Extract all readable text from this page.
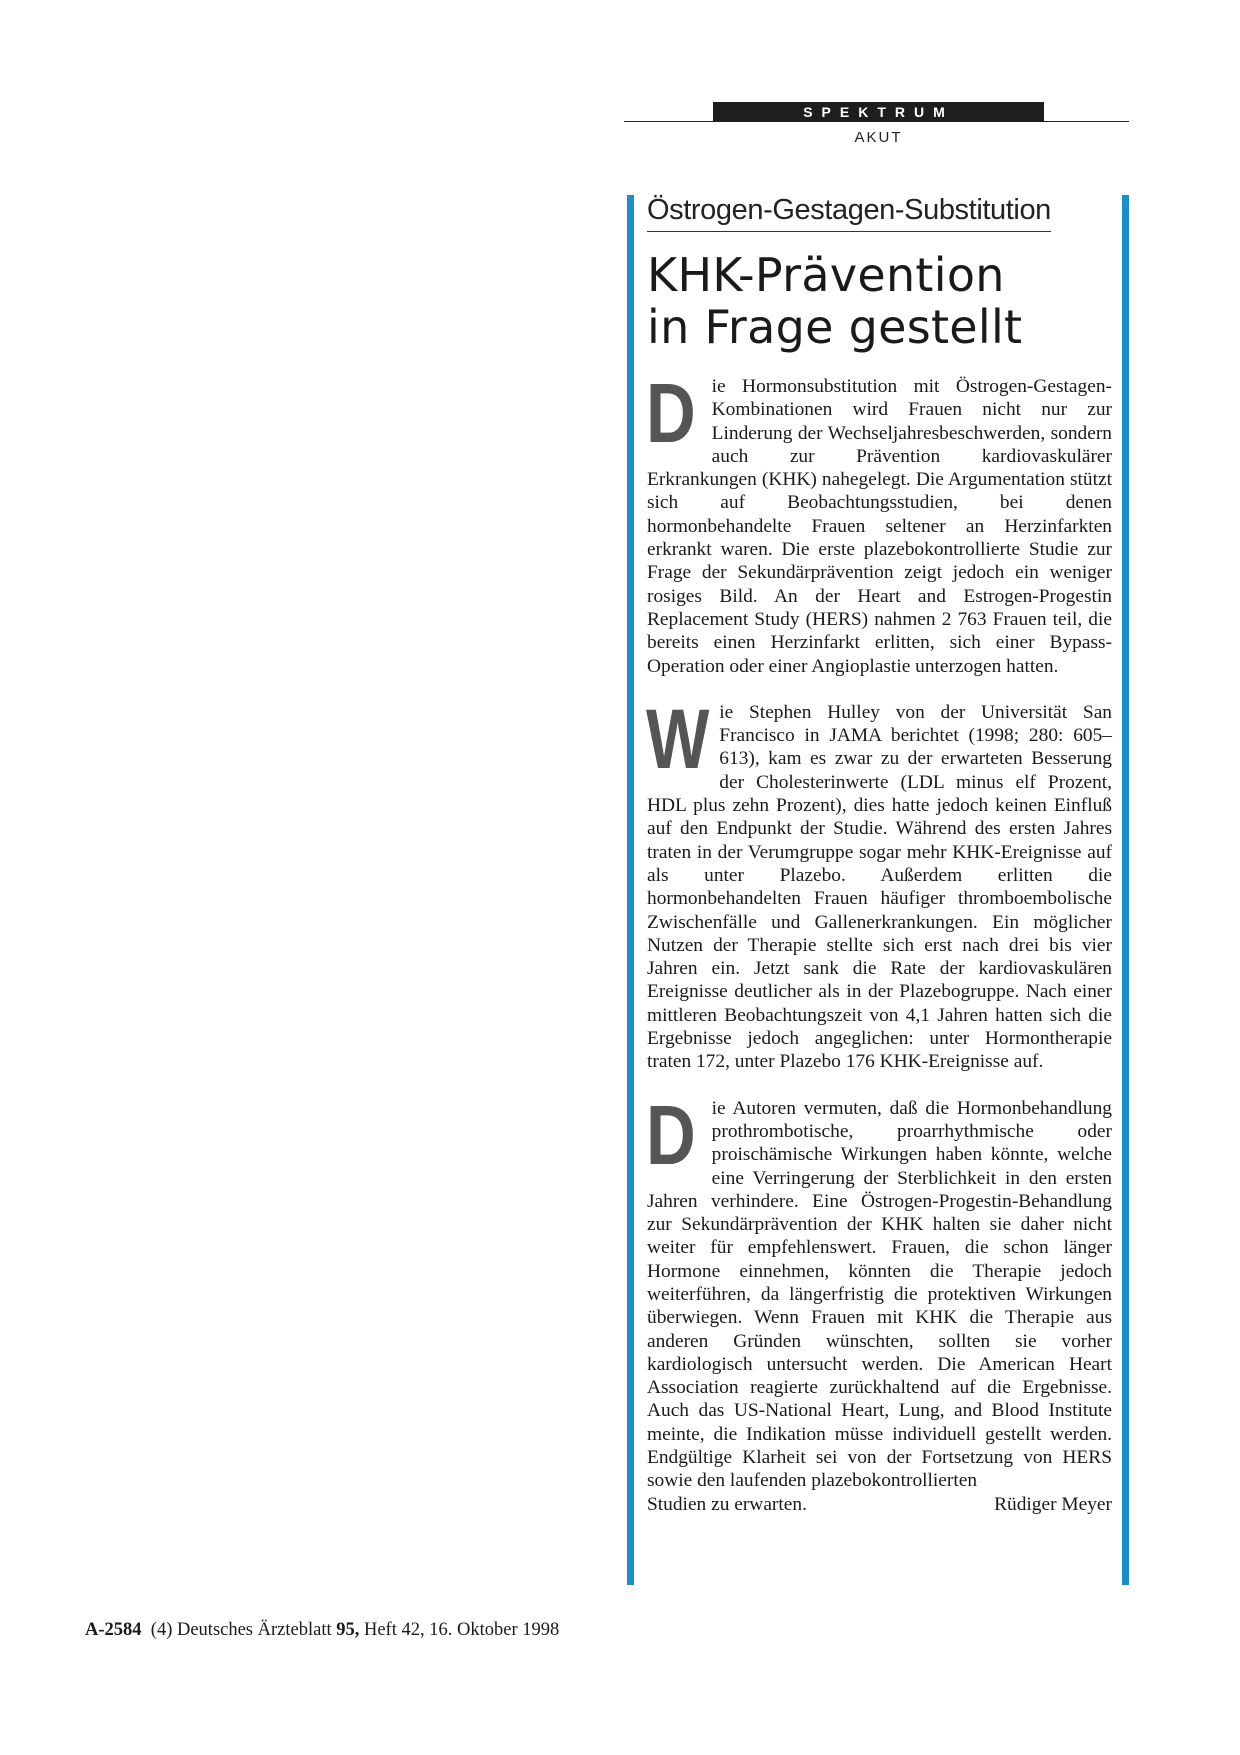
SPEKTRUM
AKUT
Östrogen-Gestagen-Substitution
KHK-Prävention
in Frage gestellt

Die Hormonsubstitution mit Östrogen-Gestagen-Kombinationen wird Frauen nicht nur zur Linderung der Wechseljahresbeschwerden, sondern auch zur Prävention kardiovaskulärer Erkrankungen (KHK) nahegelegt. Die Argumentation stützt sich auf Beobachtungsstudien, bei denen hormonbehandelte Frauen seltener an Herzinfarkten erkrankt waren. Die erste plazebokontrollierte Studie zur Frage der Sekundärprävention zeigt jedoch ein weniger rosiges Bild. An der Heart and Estrogen-Progestin Replacement Study (HERS) nahmen 2 763 Frauen teil, die bereits einen Herzinfarkt erlitten, sich einer Bypass-Operation oder einer Angioplastie unterzogen hatten.

Wie Stephen Hulley von der Universität San Francisco in JAMA berichtet (1998; 280: 605–613), kam es zwar zu der erwarteten Besserung der Cholesterinwerte (LDL minus elf Prozent, HDL plus zehn Prozent), dies hatte jedoch keinen Einfluß auf den Endpunkt der Studie. Während des ersten Jahres traten in der Verumgruppe sogar mehr KHK-Ereignisse auf als unter Plazebo. Außerdem erlitten die hormonbehandelten Frauen häufiger thromboembolische Zwischenfälle und Gallenerkrankungen. Ein möglicher Nutzen der Therapie stellte sich erst nach drei bis vier Jahren ein. Jetzt sank die Rate der kardiovaskulären Ereignisse deutlicher als in der Plazebogruppe. Nach einer mittleren Beobachtungszeit von 4,1 Jahren hatten sich die Ergebnisse jedoch angeglichen: unter Hormontherapie traten 172, unter Plazebo 176 KHK-Ereignisse auf.

Die Autoren vermuten, daß die Hormonbehandlung prothrombotische, proarrhythmische oder proischämische Wirkungen haben könnte, welche eine Verringerung der Sterblichkeit in den ersten Jahren verhindere. Eine Östrogen-Progestin-Behandlung zur Sekundärprävention der KHK halten sie daher nicht weiter für empfehlenswert. Frauen, die schon länger Hormone einnehmen, könnten die Therapie jedoch weiterführen, da längerfristig die protektiven Wirkungen überwiegen. Wenn Frauen mit KHK die Therapie aus anderen Gründen wünschten, sollten sie vorher kardiologisch untersucht werden. Die American Heart Association reagierte zurückhaltend auf die Ergebnisse. Auch das US-National Heart, Lung, and Blood Institute meinte, die Indikation müsse individuell gestellt werden. Endgültige Klarheit sei von der Fortsetzung von HERS sowie den laufenden plazebokontrollierten

Studien zu erwarten.	Rüdiger Meyer
A-2584 (4) Deutsches Ärzteblatt 95, Heft 42, 16. Oktober 1998
